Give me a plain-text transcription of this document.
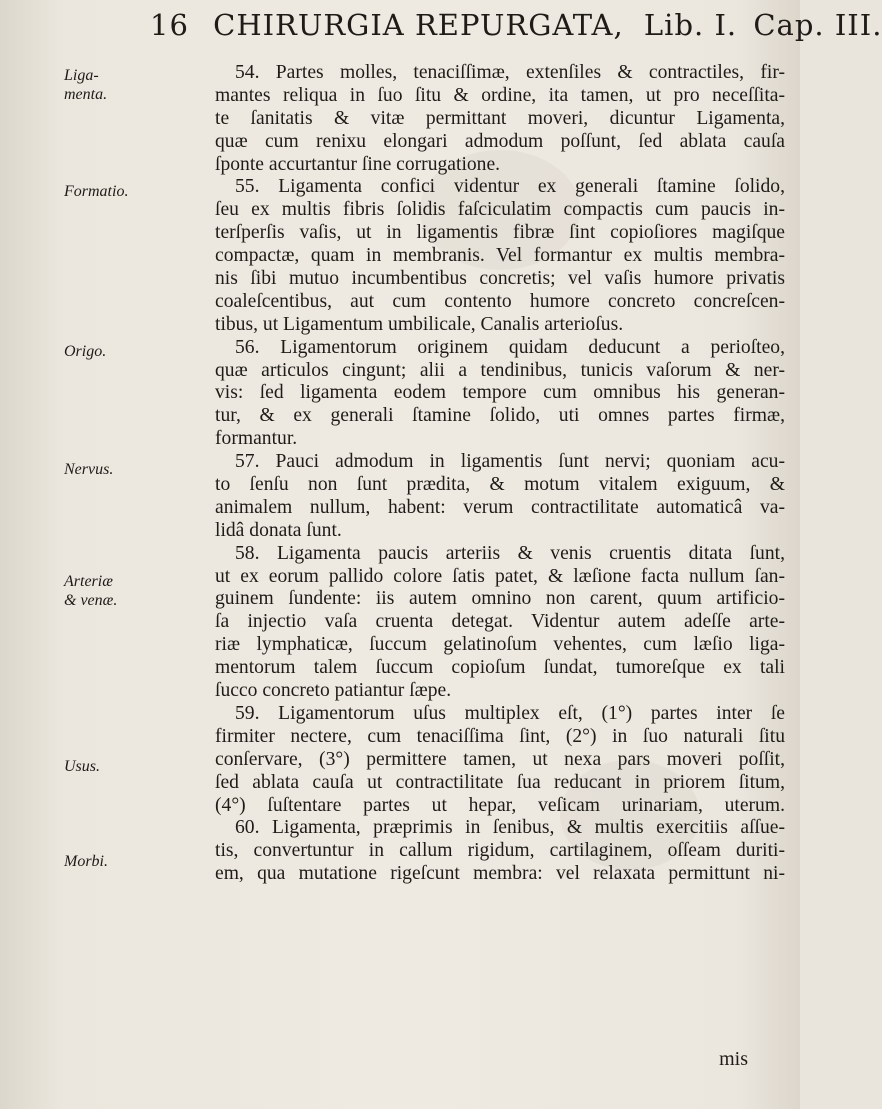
16 CHIRURGIA REPURGATA, Lib. I. Cap. III.
Liga-
menta.
Formatio.
Origo.
Nervus.
Arteriæ
& venæ.
Usus.
Morbi.
54. Partes molles, tenaciſſimæ, extenſiles & contractiles, fir-
mantes reliqua in ſuo ſitu & ordine, ita tamen, ut pro neceſſita-
te ſanitatis & vitæ permittant moveri, dicuntur Ligamenta,
quæ cum renixu elongari admodum poſſunt, ſed ablata cauſa
ſponte accurtantur ſine corrugatione.
55. Ligamenta confici videntur ex generali ſtamine ſolido,
ſeu ex multis fibris ſolidis faſciculatim compactis cum paucis in-
terſperſis vaſis, ut in ligamentis fibræ ſint copioſiores magiſque
compactæ, quam in membranis. Vel formantur ex multis membra-
nis ſibi mutuo incumbentibus concretis; vel vaſis humore privatis
coaleſcentibus, aut cum contento humore concreto concreſcen-
tibus, ut Ligamentum umbilicale, Canalis arterioſus.
56. Ligamentorum originem quidam deducunt a perioſteo,
quæ articulos cingunt; alii a tendinibus, tunicis vaſorum & ner-
vis: ſed ligamenta eodem tempore cum omnibus his generan-
tur, & ex generali ſtamine ſolido, uti omnes partes firmæ,
formantur.
57. Pauci admodum in ligamentis ſunt nervi; quoniam acu-
to ſenſu non ſunt prædita, & motum vitalem exiguum, &
animalem nullum, habent: verum contractilitate automaticâ va-
lidâ donata ſunt.
58. Ligamenta paucis arteriis & venis cruentis ditata ſunt,
ut ex eorum pallido colore ſatis patet, & læſione facta nullum ſan-
guinem ſundente: iis autem omnino non carent, quum artificio-
ſa injectio vaſa cruenta detegat. Videntur autem adeſſe arte-
riæ lymphaticæ, ſuccum gelatinoſum vehentes, cum læſio liga-
mentorum talem ſuccum copioſum ſundat, tumoreſque ex tali
ſucco concreto patiantur ſæpe.
59. Ligamentorum uſus multiplex eſt, (1°) partes inter ſe
firmiter nectere, cum tenaciſſima ſint, (2°) in ſuo naturali ſitu
conſervare, (3°) permittere tamen, ut nexa pars moveri poſſit,
ſed ablata cauſa ut contractilitate ſua reducant in priorem ſitum,
(4°) ſuſtentare partes ut hepar, veſicam urinariam, uterum.
60. Ligamenta, præprimis in ſenibus, & multis exercitiis aſſue-
tis, convertuntur in callum rigidum, cartilaginem, oſſeam duriti-
em, qua mutatione rigeſcunt membra: vel relaxata permittunt ni-
mis
